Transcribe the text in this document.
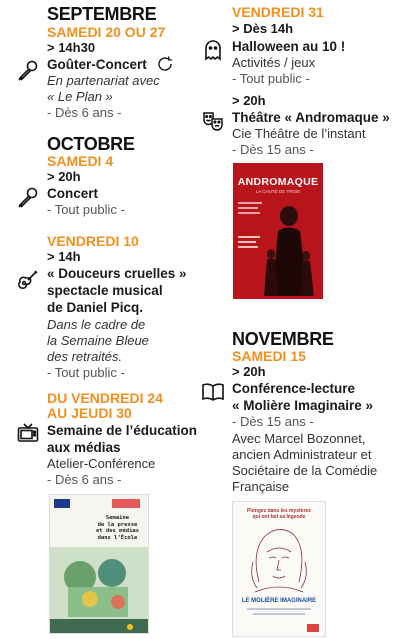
SEPTEMBRE
SAMEDI 20 OU 27
> 14h30
Goûter-Concert
En partenariat avec
« Le Plan »
- Dès 6 ans -
OCTOBRE
SAMEDI 4
> 20h
Concert
- Tout public -
VENDREDI 10
> 14h
« Douceurs cruelles »
spectacle musical
de Daniel Picq.
Dans le cadre de
la Semaine Bleue
des retraités.
- Tout public -
DU VENDREDI 24
AU JEUDI 30
Semaine de l’éducation
aux médias
Atelier-Conférence
- Dès 6 ans -
Semaine
de la presse
et des médias
dans l’École
VENDREDI 31
> Dès 14h
Halloween au 10 !
Activités / jeux
- Tout public -
> 20h
Théâtre « Andromaque »
Cie Théâtre de l’instant
- Dès 15 ans -
ANDROMAQUE
LA CHUTE DE TROIE
NOVEMBRE
SAMEDI 15
> 20h
Conférence-lecture
« Molière Imaginaire »
- Dès 15 ans -
Avec Marcel Bozonnet,
ancien Administrateur et
Sociétaire de la Comédie
Française
Plongez dans les mystères
qui ont fait sa légende
LE MOLIÈRE IMAGINAIRE
